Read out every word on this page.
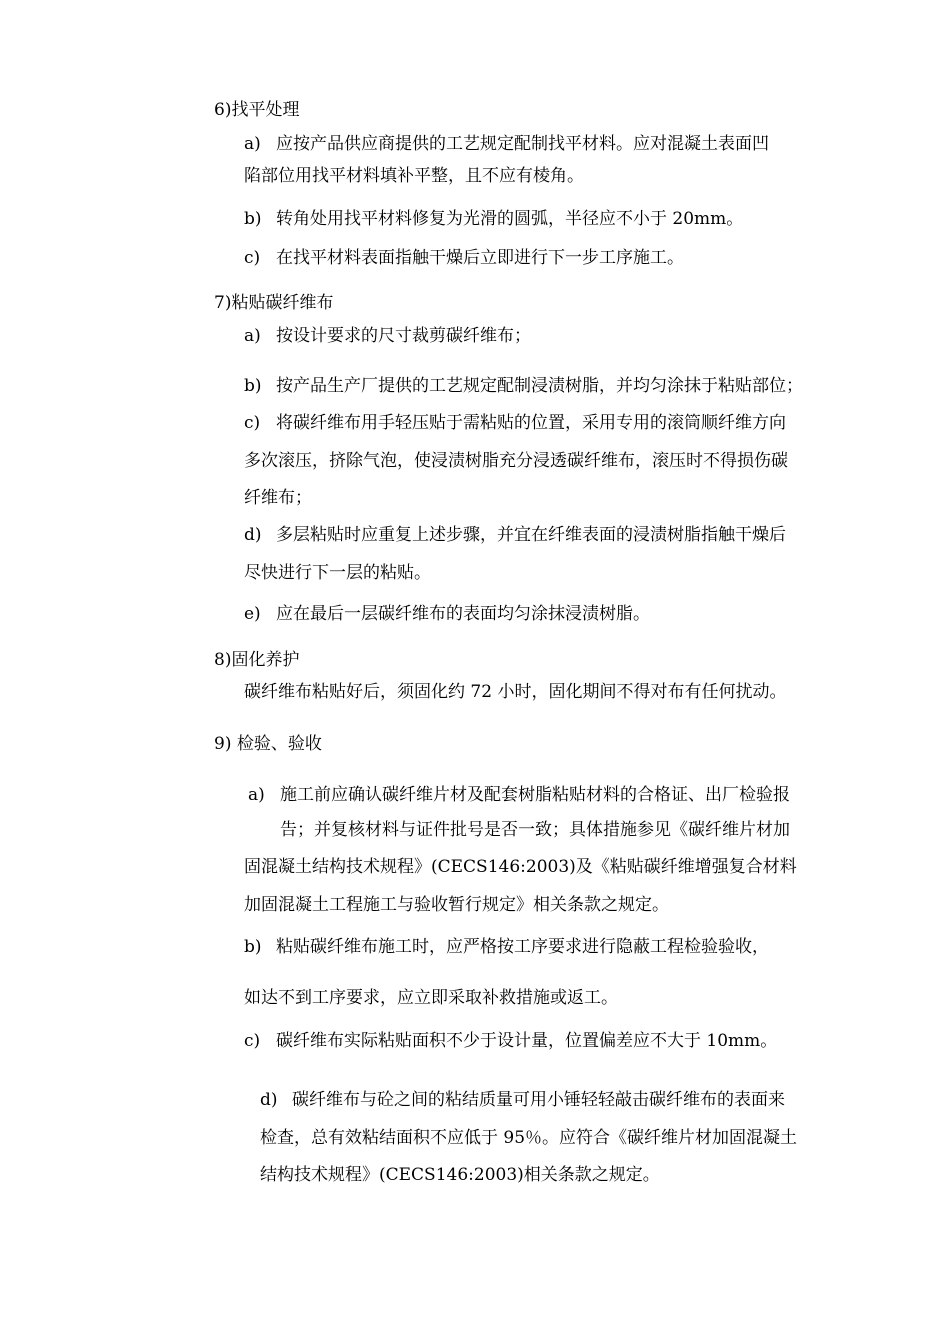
6)找平处理
a) 应按产品供应商提供的工艺规定配制找平材料。应对混凝土表面凹
陷部位用找平材料填补平整，且不应有棱角。
b) 转角处用找平材料修复为光滑的圆弧，半径应不小于 20mm。
c) 在找平材料表面指触干燥后立即进行下一步工序施工。
7)粘贴碳纤维布
a) 按设计要求的尺寸裁剪碳纤维布；
b) 按产品生产厂提供的工艺规定配制浸渍树脂，并均匀涂抹于粘贴部位；
c) 将碳纤维布用手轻压贴于需粘贴的位置，采用专用的滚筒顺纤维方向
多次滚压，挤除气泡，使浸渍树脂充分浸透碳纤维布，滚压时不得损伤碳
纤维布；
d) 多层粘贴时应重复上述步骤，并宜在纤维表面的浸渍树脂指触干燥后
尽快进行下一层的粘贴。
e) 应在最后一层碳纤维布的表面均匀涂抹浸渍树脂。
8)固化养护
碳纤维布粘贴好后，须固化约 72 小时，固化期间不得对布有任何扰动。
9) 检验、验收
a) 施工前应确认碳纤维片材及配套树脂粘贴材料的合格证、出厂检验报
告；并复核材料与证件批号是否一致；具体措施参见《碳纤维片材加
固混凝土结构技术规程》(CECS146:2003)及《粘贴碳纤维增强复合材料
加固混凝土工程施工与验收暂行规定》相关条款之规定。
b) 粘贴碳纤维布施工时，应严格按工序要求进行隐蔽工程检验验收，
如达不到工序要求，应立即采取补救措施或返工。
c) 碳纤维布实际粘贴面积不少于设计量，位置偏差应不大于 10mm。
d) 碳纤维布与砼之间的粘结质量可用小锤轻轻敲击碳纤维布的表面来
检查，总有效粘结面积不应低于 95％。应符合《碳纤维片材加固混凝土
结构技术规程》(CECS146:2003)相关条款之规定。
